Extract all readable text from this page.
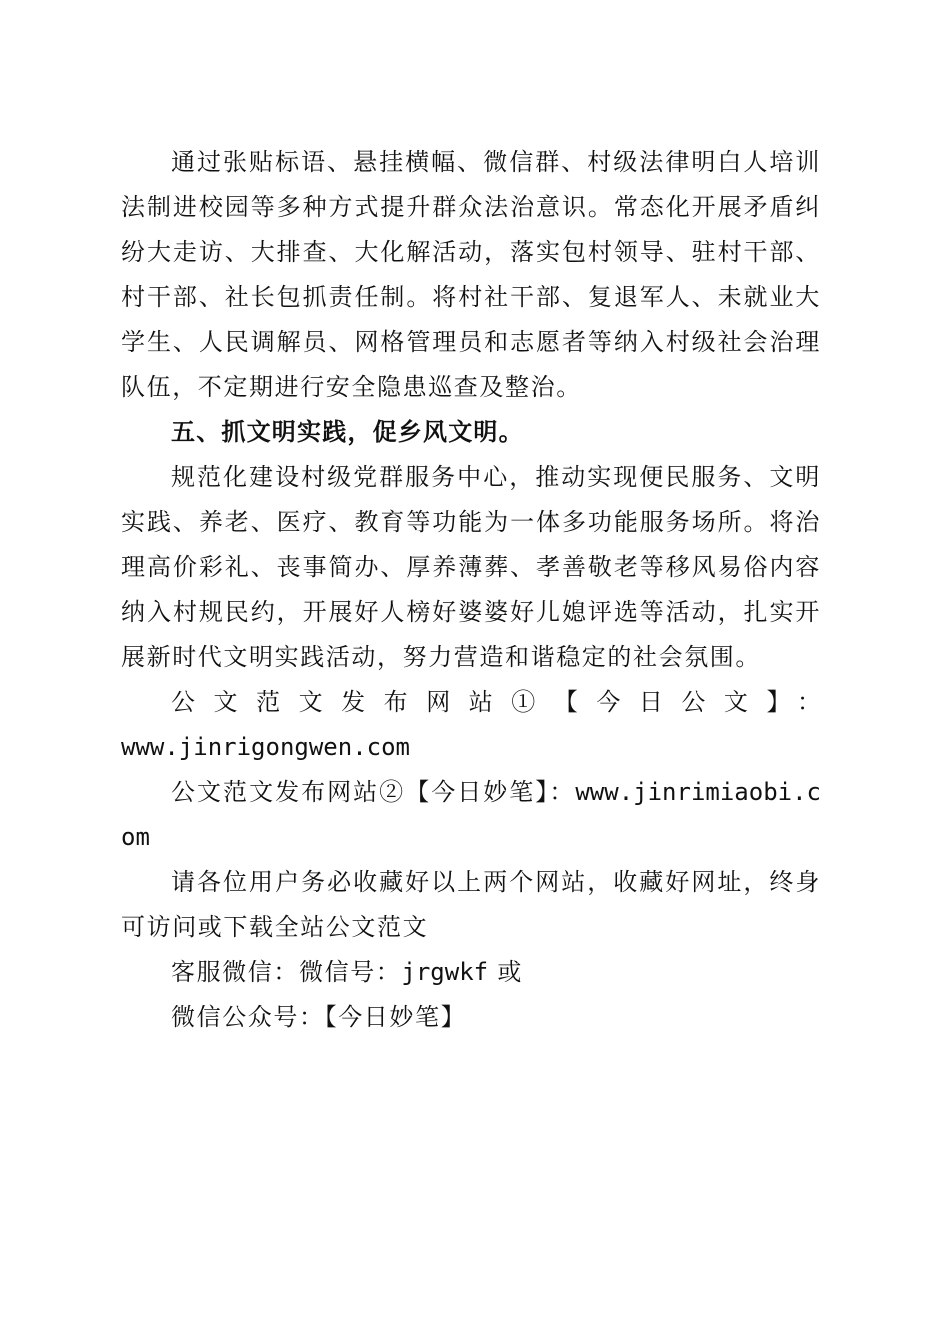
通过张贴标语、悬挂横幅、微信群、村级法律明白人培训法制进校园等多种方式提升群众法治意识。常态化开展矛盾纠纷大走访、大排查、大化解活动，落实包村领导、驻村干部、村干部、社长包抓责任制。将村社干部、复退军人、未就业大学生、人民调解员、网格管理员和志愿者等纳入村级社会治理队伍，不定期进行安全隐患巡查及整治。

五、抓文明实践，促乡风文明。

规范化建设村级党群服务中心，推动实现便民服务、文明实践、养老、医疗、教育等功能为一体多功能服务场所。将治理高价彩礼、丧事简办、厚养薄葬、孝善敬老等移风易俗内容纳入村规民约，开展好人榜好婆婆好儿媳评选等活动，扎实开展新时代文明实践活动，努力营造和谐稳定的社会氛围。

公文范文发布网站①【今日公文】：

www.jinrigongwen.com

公文范文发布网站②【今日妙笔】：www.jinrimiaobi.com

请各位用户务必收藏好以上两个网站，收藏好网址，终身可访问或下载全站公文范文

客服微信：微信号：jrgwkf 或

微信公众号：【今日妙笔】
